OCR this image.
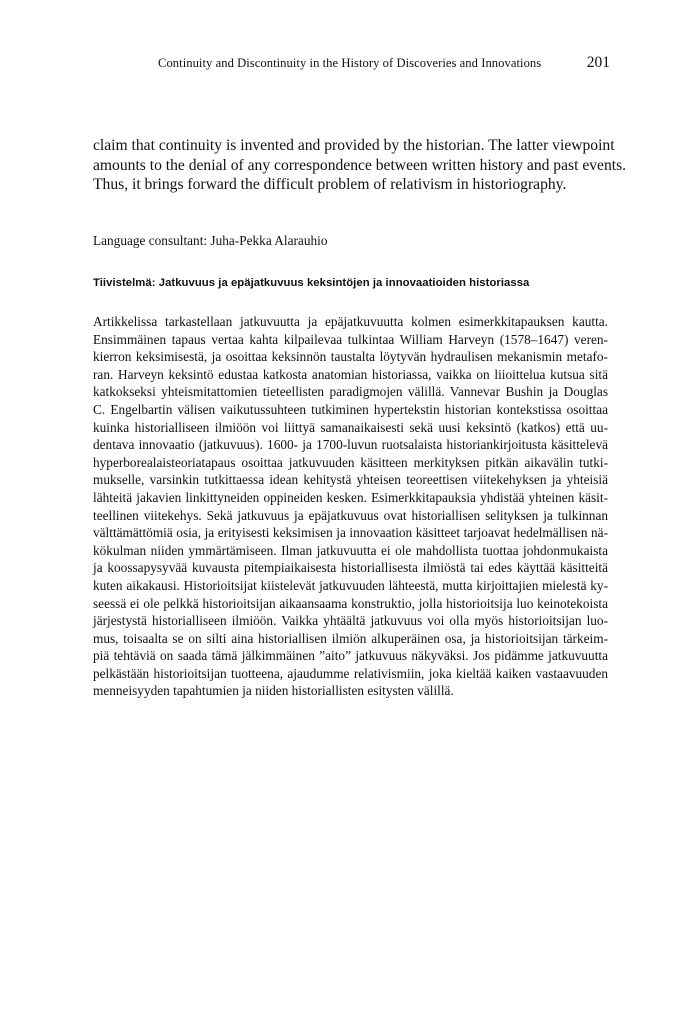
Continuity and Discontinuity in the History of Discoveries and Innovations	201

claim that continuity is invented and provided by the historian. The latter viewpoint
amounts to the denial of any correspondence between written history and past events.
Thus, it brings forward the difficult problem of relativism in historiography.

Language consultant: Juha-Pekka Alarauhio
Tiivistelmä: Jatkuvuus ja epäjatkuvuus keksintöjen ja innovaatioiden historiassa

Artikkelissa tarkastellaan jatkuvuutta ja epäjatkuvuutta kolmen esimerkkitapauksen kautta.
Ensimmäinen tapaus vertaa kahta kilpailevaa tulkintaa William Harveyn (1578–1647) veren-
kierron keksimisestä, ja osoittaa keksinnön taustalta löytyvän hydraulisen mekanismin metafo-
ran. Harveyn keksintö edustaa katkosta anatomian historiassa, vaikka on liioittelua kutsua sitä
katkokseksi yhteismitattomien tieteellisten paradigmojen välillä. Vannevar Bushin ja Douglas
C. Engelbartin välisen vaikutussuhteen tutkiminen hypertekstin historian kontekstissa osoittaa
kuinka historialliseen ilmiöön voi liittyä samanaikaisesti sekä uusi keksintö (katkos) että uu-
dentava innovaatio (jatkuvuus). 1600- ja 1700-luvun ruotsalaista historiankirjoitusta käsittelevä
hyperborealaisteoriatapaus osoittaa jatkuvuuden käsitteen merkityksen pitkän aikavälin tutki-
mukselle, varsinkin tutkittaessa idean kehitystä yhteisen teoreettisen viitekehyksen ja yhteisiä
lähteitä jakavien linkittyneiden oppineiden kesken. Esimerkkitapauksia yhdistää yhteinen käsit-
teellinen viitekehys. Sekä jatkuvuus ja epäjatkuvuus ovat historiallisen selityksen ja tulkinnan
välttämättömiä osia, ja erityisesti keksimisen ja innovaation käsitteet tarjoavat hedelmällisen nä-
kökulman niiden ymmärtämiseen. Ilman jatkuvuutta ei ole mahdollista tuottaa johdonmukaista
ja koossapysyvää kuvausta pitempiaikaisesta historiallisesta ilmiöstä tai edes käyttää käsitteitä
kuten aikakausi. Historioitsijat kiistelevät jatkuvuuden lähteestä, mutta kirjoittajien mielestä ky-
seessä ei ole pelkkä historioitsijan aikaansaama konstruktio, jolla historioitsija luo keinotekoista
järjestystä historialliseen ilmiöön. Vaikka yhtäältä jatkuvuus voi olla myös historioitsijan luo-
mus, toisaalta se on silti aina historiallisen ilmiön alkuperäinen osa, ja historioitsijan tärkeim-
piä tehtäviä on saada tämä jälkimmäinen ”aito” jatkuvuus näkyväksi. Jos pidämme jatkuvuutta
pelkästään historioitsijan tuotteena, ajaudumme relativismiin, joka kieltää kaiken vastaavuuden
menneisyyden tapahtumien ja niiden historiallisten esitysten välillä.
